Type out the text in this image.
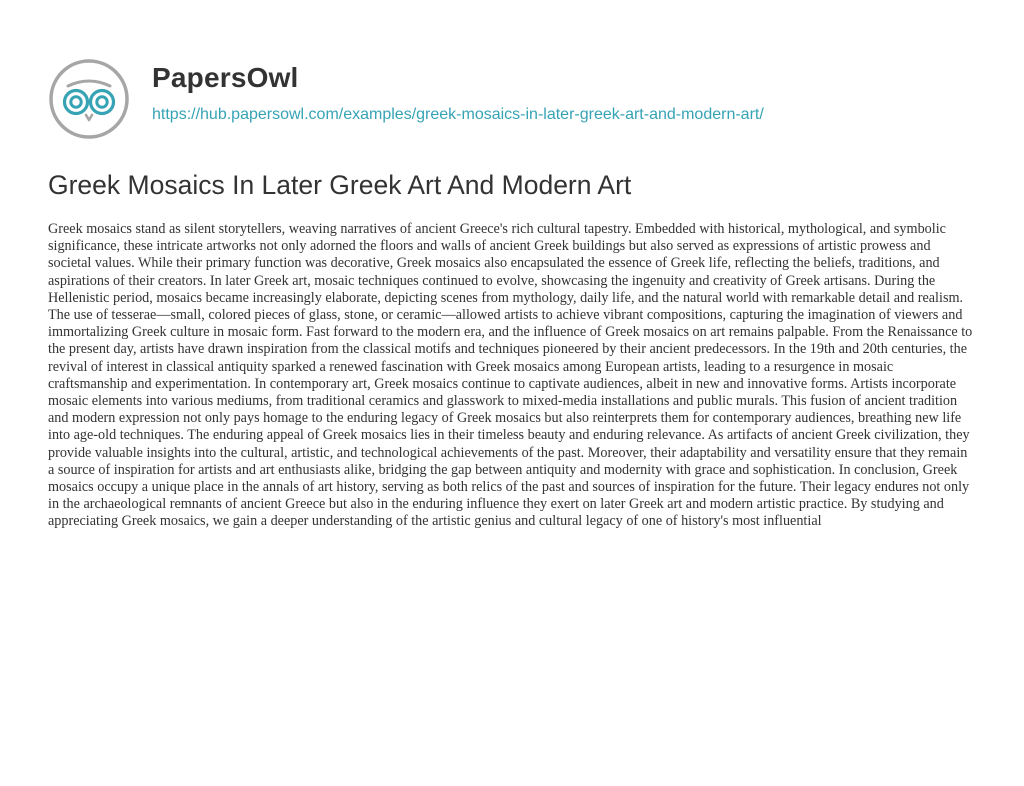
PapersOwl
https://hub.papersowl.com/examples/greek-mosaics-in-later-greek-art-and-modern-art/
Greek Mosaics In Later Greek Art And Modern Art

Greek mosaics stand as silent storytellers, weaving narratives of ancient Greece's rich cultural tapestry. Embedded with historical, mythological, and symbolic significance, these intricate artworks not only adorned the floors and walls of ancient Greek buildings but also served as expressions of artistic prowess and societal values. While their primary function was decorative, Greek mosaics also encapsulated the essence of Greek life, reflecting the beliefs, traditions, and aspirations of their creators. In later Greek art, mosaic techniques continued to evolve, showcasing the ingenuity and creativity of Greek artisans. During the Hellenistic period, mosaics became increasingly elaborate, depicting scenes from mythology, daily life, and the natural world with remarkable detail and realism. The use of tesserae—small, colored pieces of glass, stone, or ceramic—allowed artists to achieve vibrant compositions, capturing the imagination of viewers and immortalizing Greek culture in mosaic form. Fast forward to the modern era, and the influence of Greek mosaics on art remains palpable. From the Renaissance to the present day, artists have drawn inspiration from the classical motifs and techniques pioneered by their ancient predecessors. In the 19th and 20th centuries, the revival of interest in classical antiquity sparked a renewed fascination with Greek mosaics among European artists, leading to a resurgence in mosaic craftsmanship and experimentation. In contemporary art, Greek mosaics continue to captivate audiences, albeit in new and innovative forms. Artists incorporate mosaic elements into various mediums, from traditional ceramics and glasswork to mixed-media installations and public murals. This fusion of ancient tradition and modern expression not only pays homage to the enduring legacy of Greek mosaics but also reinterprets them for contemporary audiences, breathing new life into age-old techniques. The enduring appeal of Greek mosaics lies in their timeless beauty and enduring relevance. As artifacts of ancient Greek civilization, they provide valuable insights into the cultural, artistic, and technological achievements of the past. Moreover, their adaptability and versatility ensure that they remain a source of inspiration for artists and art enthusiasts alike, bridging the gap between antiquity and modernity with grace and sophistication. In conclusion, Greek mosaics occupy a unique place in the annals of art history, serving as both relics of the past and sources of inspiration for the future. Their legacy endures not only in the archaeological remnants of ancient Greece but also in the enduring influence they exert on later Greek art and modern artistic practice. By studying and appreciating Greek mosaics, we gain a deeper understanding of the artistic genius and cultural legacy of one of history's most influential
